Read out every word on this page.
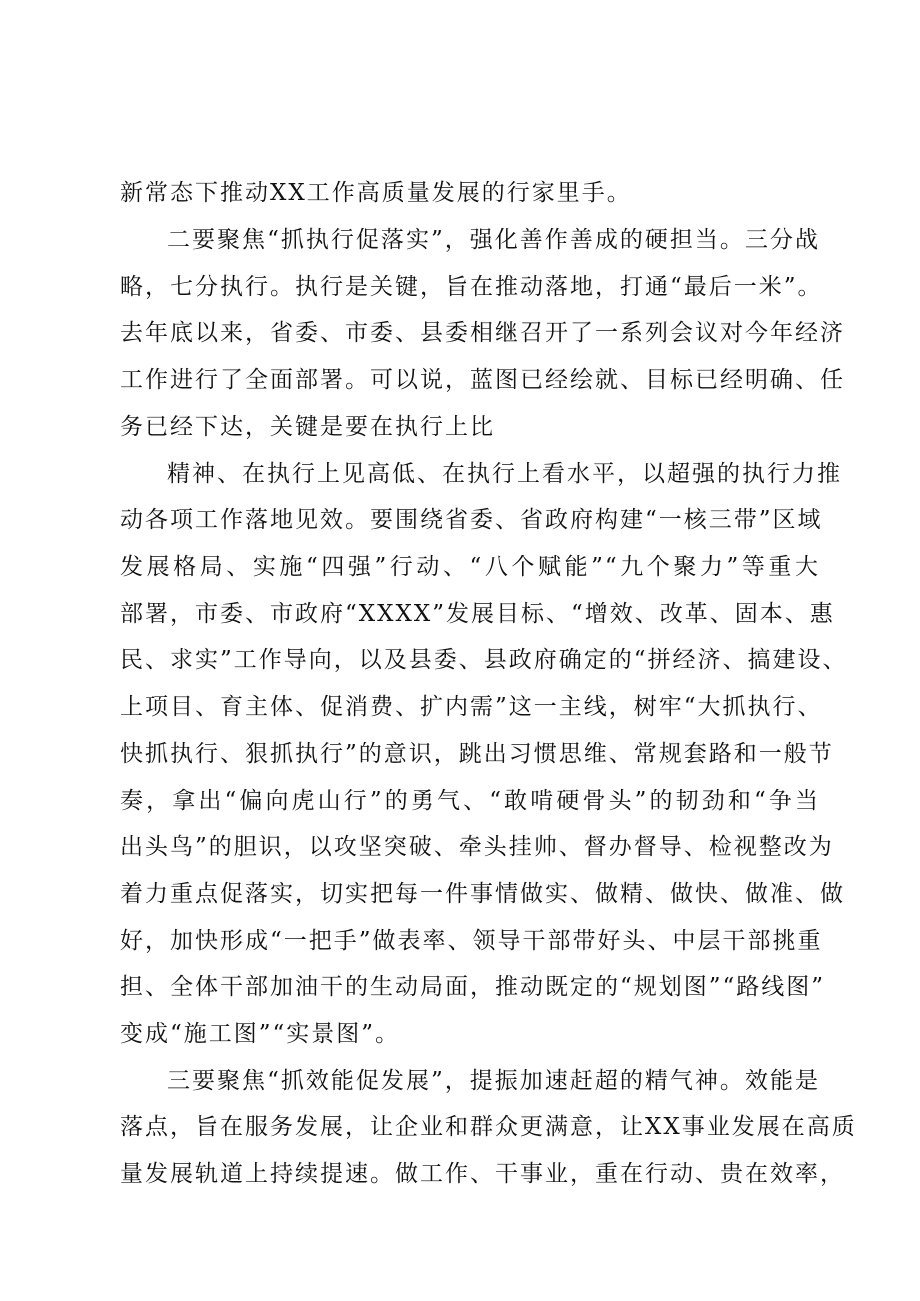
新常态下推动XX工作高质量发展的行家里手。
二要聚焦“抓执行促落实”，强化善作善成的硬担当。三分战
略，七分执行。执行是关键，旨在推动落地，打通“最后一米”。
去年底以来，省委、市委、县委相继召开了一系列会议对今年经济
工作进行了全面部署。可以说，蓝图已经绘就、目标已经明确、任
务已经下达，关键是要在执行上比
精神、在执行上见高低、在执行上看水平，以超强的执行力推
动各项工作落地见效。要围绕省委、省政府构建“一核三带”区域
发展格局、实施“四强”行动、“八个赋能”“九个聚力”等重大
部署，市委、市政府“XXXX”发展目标、“增效、改革、固本、惠
民、求实”工作导向，以及县委、县政府确定的“拼经济、搞建设、
上项目、育主体、促消费、扩内需”这一主线，树牢“大抓执行、
快抓执行、狠抓执行”的意识，跳出习惯思维、常规套路和一般节
奏，拿出“偏向虎山行”的勇气、“敢啃硬骨头”的韧劲和“争当
出头鸟”的胆识，以攻坚突破、牵头挂帅、督办督导、检视整改为
着力重点促落实，切实把每一件事情做实、做精、做快、做准、做
好，加快形成“一把手”做表率、领导干部带好头、中层干部挑重
担、全体干部加油干的生动局面，推动既定的“规划图”“路线图”
变成“施工图”“实景图”。
三要聚焦“抓效能促发展”，提振加速赶超的精气神。效能是
落点，旨在服务发展，让企业和群众更满意，让XX事业发展在高质
量发展轨道上持续提速。做工作、干事业，重在行动、贵在效率，
